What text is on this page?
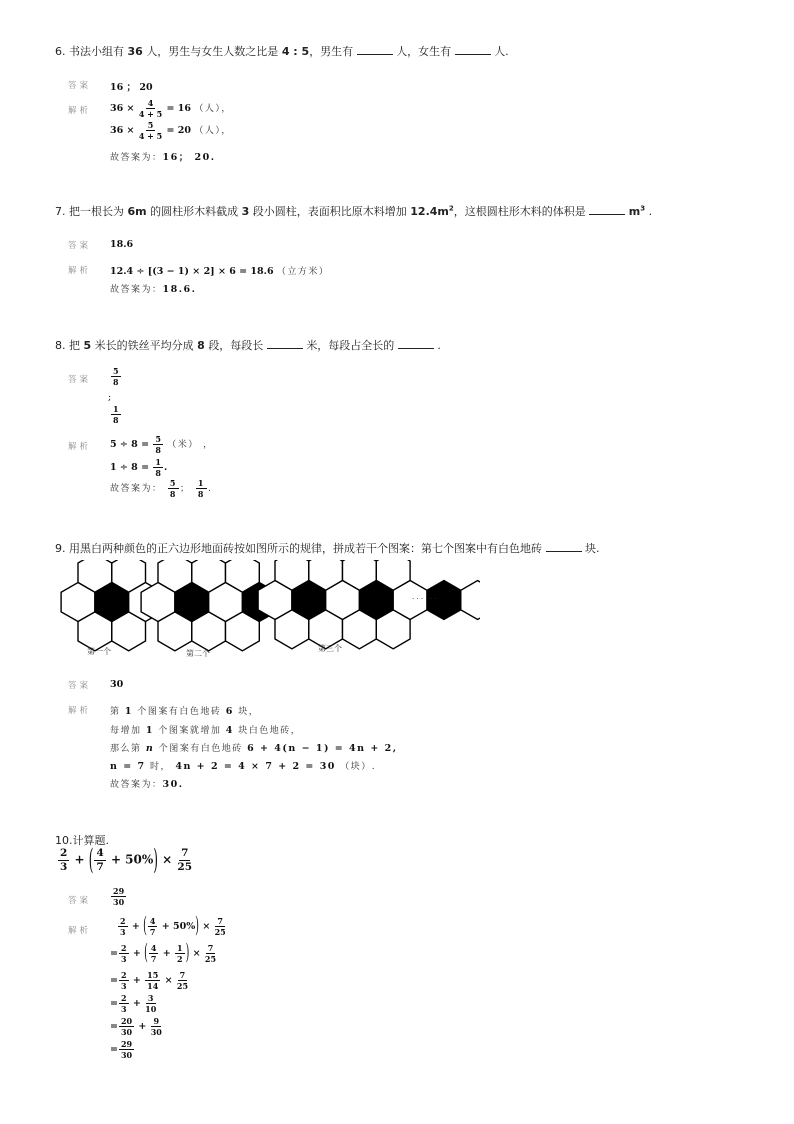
6. 书法小组有 36 人，男生与女生人数之比是 4 : 5，男生有	人，女生有	人.
答案 16 ； 20
解析 $36 \times \frac{4}{4 + 5} = 16$ （人），
$36 \times \frac{5}{4 + 5} = 20$ （人），
故答案为：16； 20.
7. 把一根长为 6m 的圆柱形木料截成 3 段小圆柱，表面积比原木料增加 $12.4m^2$，这根圆柱形木料的体积是	$m^3$ .
答案 18.6
解析 12.4 ÷ [(3 − 1) × 2] × 6 = 18.6 （立方米）
故答案为：18.6.
8. 把 5 米长的铁丝平均分成 8 段，每段长	米，每段占全长的	.
答案 $\frac{5}{8}$
;
$\frac{1}{8}$
解析 $5 \div 8 = \frac{5}{8}$ （米） ，
$1 \div 8 = \frac{1}{8}$ .
故答案为： $\frac{5}{8}$ ； $\frac{1}{8}$ .
9. 用黑白两种颜色的正六边形地面砖按如图所示的规律，拼成若干个图案：第七个图案中有白色地砖	块.
第一个	第二个
第三个
· · · · · ·
答案 30
解析 第 1 个图案有白色地砖 6 块，
每增加 1 个图案就增加 4 块白色地砖，
那么第 n 个图案有白色地砖 6 + 4(n − 1) = 4n + 2,
n = 7 时， 4n + 2 = 4 × 7 + 2 = 30 （块）.
故答案为：30.
10.计算题.
$\frac{2}{3}$ + ( $\frac{4}{7} + 50\%) \times \frac{7}{25}$
答案 $\frac{29}{30}$
解析	$\frac{2}{3}$ + ( $\frac{4}{7} + 50\%) \times \frac{7}{25}$
= $\frac{2}{3}$ + ( $\frac{4}{7} + \frac{1}{2}$ ) × $\frac{7}{25}$
= $\frac{2}{3} + \frac{15}{14} \times \frac{7}{25}$
= $\frac{2}{3} + \frac{3}{10}$
= $\frac{20}{30} + \frac{9}{30}$
= $\frac{29}{30}$
